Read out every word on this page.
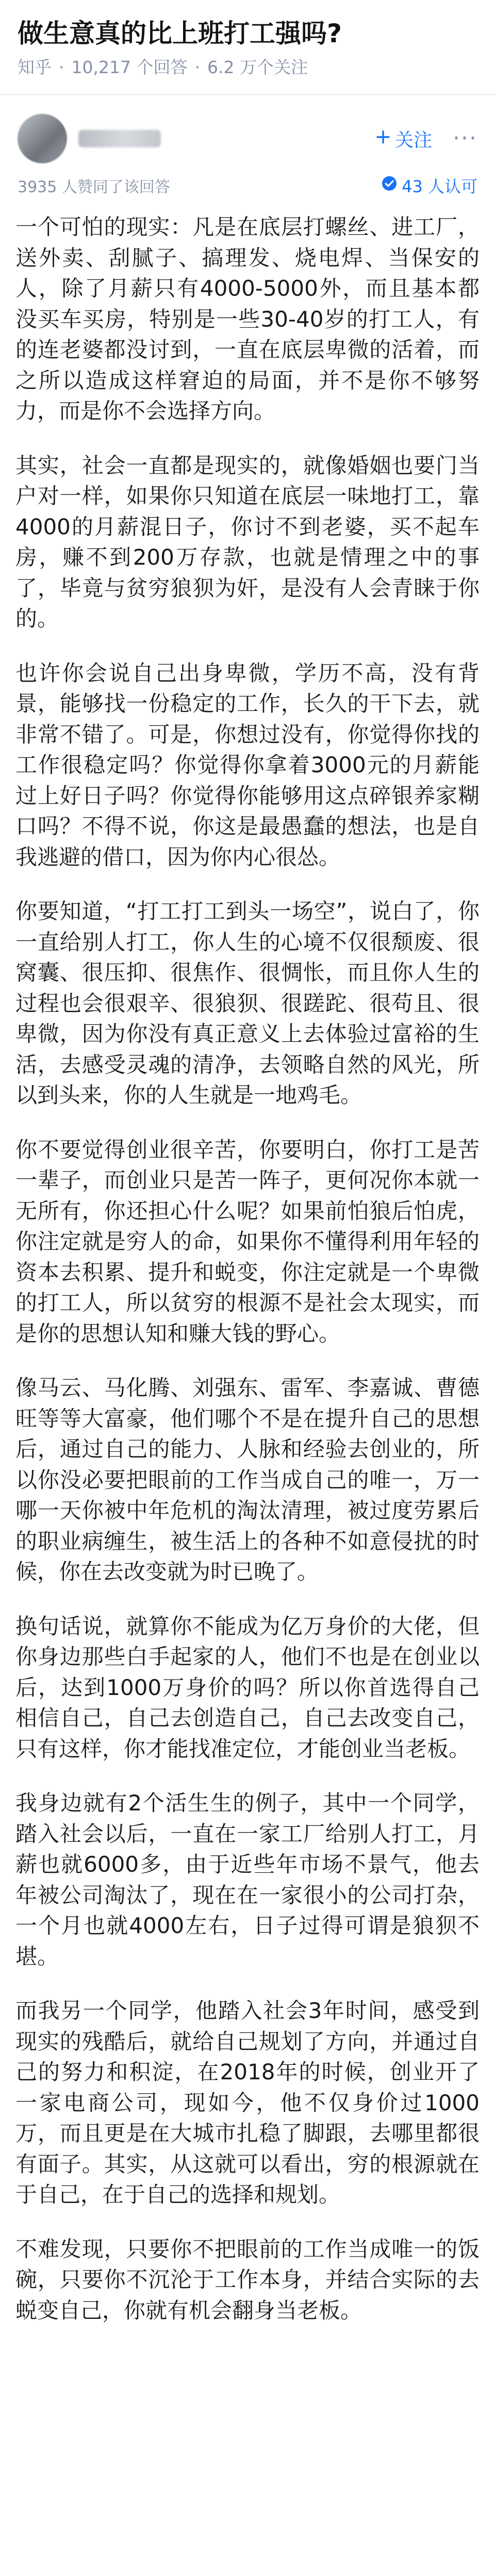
做生意真的比上班打工强吗?
知乎 · 10,217 个回答 · 6.2 万个关注
关注 ···
3935 人赞同了该回答	43 人认可

一个可怕的现实：凡是在底层打螺丝、进工厂，送外卖、刮腻子、搞理发、烧电焊、当保安的人，除了月薪只有4000-5000外，而且基本都没买车买房，特别是一些30-40岁的打工人，有的连老婆都没讨到，一直在底层卑微的活着，而之所以造成这样窘迫的局面，并不是你不够努力，而是你不会选择方向。

其实，社会一直都是现实的，就像婚姻也要门当户对一样，如果你只知道在底层一味地打工，靠4000的月薪混日子，你讨不到老婆，买不起车房，赚不到200万存款，也就是情理之中的事了，毕竟与贫穷狼狈为奸，是没有人会青睐于你的。

也许你会说自己出身卑微，学历不高，没有背景，能够找一份稳定的工作，长久的干下去，就非常不错了。可是，你想过没有，你觉得你找的工作很稳定吗？你觉得你拿着3000元的月薪能过上好日子吗？你觉得你能够用这点碎银养家糊口吗？不得不说，你这是最愚蠢的想法，也是自我逃避的借口，因为你内心很怂。

你要知道，“打工打工到头一场空”，说白了，你一直给别人打工，你人生的心境不仅很颓废、很窝囊、很压抑、很焦作、很惆怅，而且你人生的过程也会很艰辛、很狼狈、很蹉跎、很苟且、很卑微，因为你没有真正意义上去体验过富裕的生活，去感受灵魂的清净，去领略自然的风光，所以到头来，你的人生就是一地鸡毛。

你不要觉得创业很辛苦，你要明白，你打工是苦一辈子，而创业只是苦一阵子，更何况你本就一无所有，你还担心什么呢？如果前怕狼后怕虎，你注定就是穷人的命，如果你不懂得利用年轻的资本去积累、提升和蜕变，你注定就是一个卑微的打工人，所以贫穷的根源不是社会太现实，而是你的思想认知和赚大钱的野心。

像马云、马化腾、刘强东、雷军、李嘉诚、曹德旺等等大富豪，他们哪个不是在提升自己的思想后，通过自己的能力、人脉和经验去创业的，所以你没必要把眼前的工作当成自己的唯一，万一哪一天你被中年危机的淘汰清理，被过度劳累后的职业病缠生，被生活上的各种不如意侵扰的时候，你在去改变就为时已晚了。

换句话说，就算你不能成为亿万身价的大佬，但你身边那些白手起家的人，他们不也是在创业以后，达到1000万身价的吗？所以你首选得自己相信自己，自己去创造自己，自己去改变自己，只有这样，你才能找准定位，才能创业当老板。

我身边就有2个活生生的例子，其中一个同学，踏入社会以后，一直在一家工厂给别人打工，月薪也就6000多，由于近些年市场不景气，他去年被公司淘汰了，现在在一家很小的公司打杂，一个月也就4000左右，日子过得可谓是狼狈不堪。

而我另一个同学，他踏入社会3年时间，感受到现实的残酷后，就给自己规划了方向，并通过自己的努力和积淀，在2018年的时候，创业开了一家电商公司，现如今，他不仅身价过1000万，而且更是在大城市扎稳了脚跟，去哪里都很有面子。其实，从这就可以看出，穷的根源就在于自己，在于自己的选择和规划。

不难发现，只要你不把眼前的工作当成唯一的饭碗，只要你不沉沦于工作本身，并结合实际的去蜕变自己，你就有机会翻身当老板。
